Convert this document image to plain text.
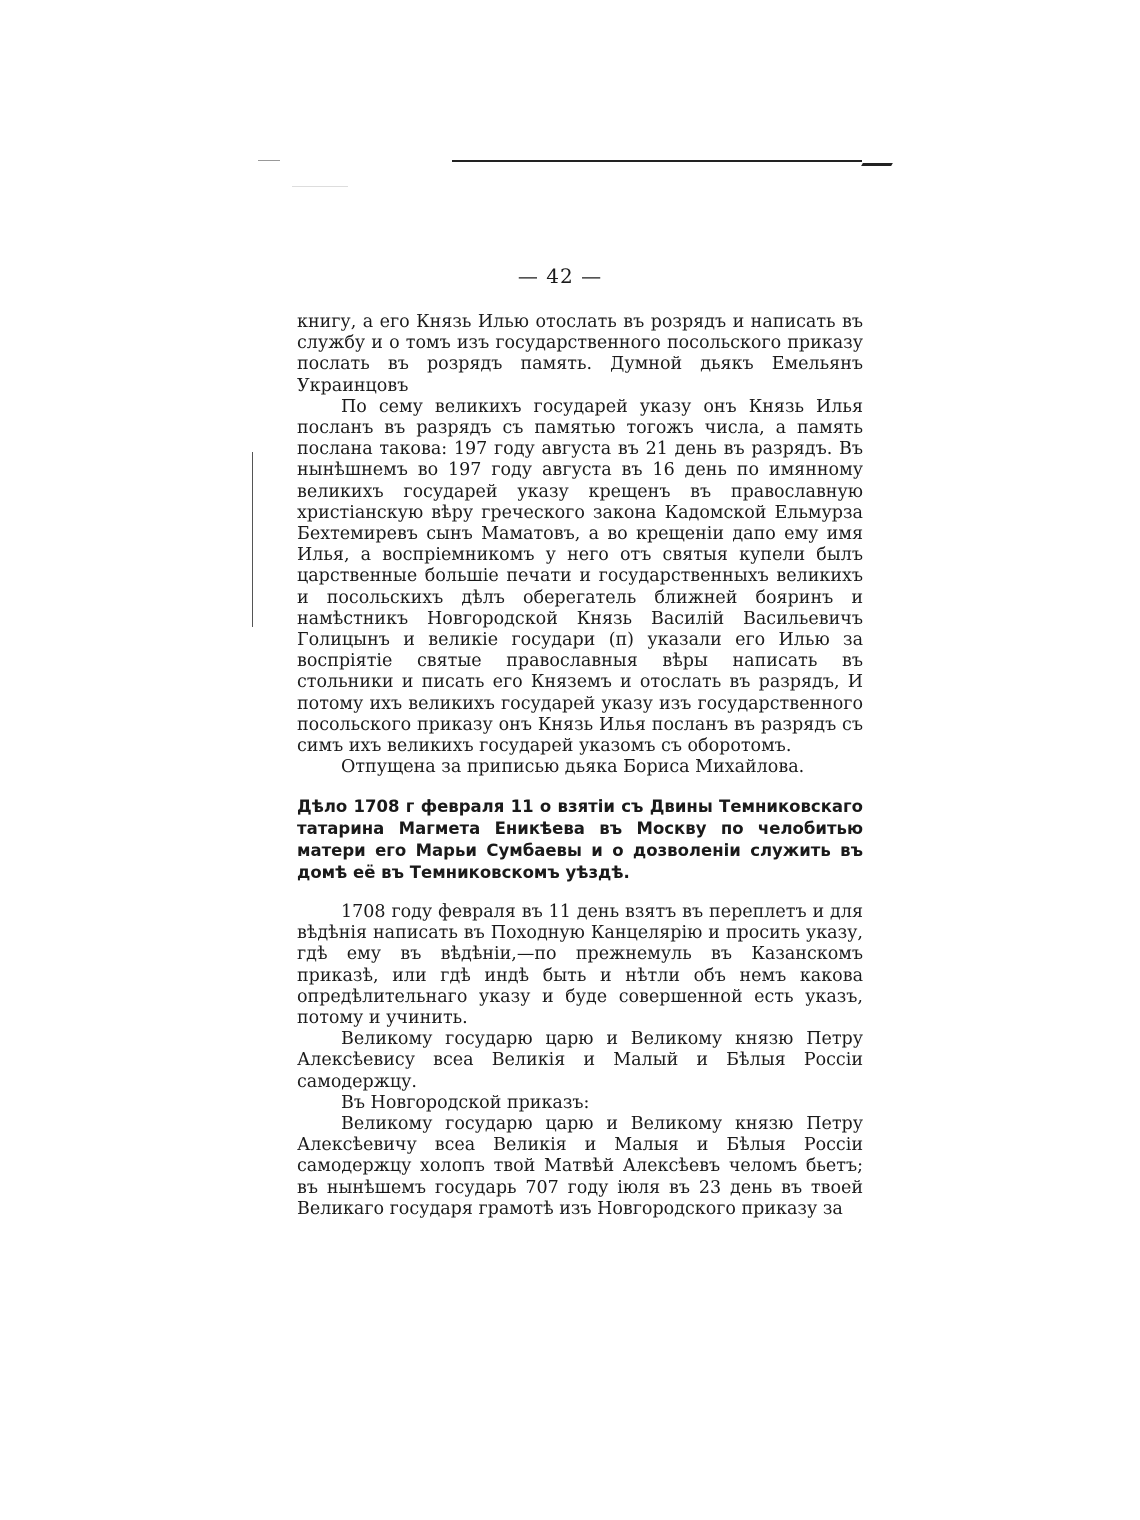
— 42 —

книгу, а его Князь Илью отослать въ розрядъ и написать въ службу и о томъ изъ государственного посольского приказу послать въ розрядъ память. Думной дьякъ Емельянъ Украинцовъ

По сему великихъ государей указу онъ Князь Илья посланъ въ разрядъ съ памятью тогожъ числа, а память послана такова: 197 году августа въ 21 день въ разрядъ. Въ нынѣшнемъ во 197 году августа въ 16 день по имянному великихъ государей указу крещенъ въ православную христіанскую вѣру греческого закона Кадомской Ельмурза Бехтемиревъ сынъ Маматовъ, а во крещеніи дапо ему имя Илья, а воспріемникомъ у него отъ святыя купели былъ царственные большіе печати и государственныхъ великихъ и посольскихъ дѣлъ оберегатель ближней бояринъ и намѣстникъ Новгородской Князь Василій Васильевичъ Голицынъ и великіе государи (п) указали его Илью за воспріятіе святые православныя вѣры написать въ стольники и писать его Княземъ и отослать въ разрядъ, И потому ихъ великихъ государей указу изъ государственного посольского приказу онъ Князь Илья посланъ въ разрядъ съ симъ ихъ великихъ государей указомъ съ оборотомъ.

Отпущена за приписью дьяка Бориса Михайлова.

Дѣло 1708 г февраля 11 о взятіи съ Двины Темниковскаго татарина Магмета Еникѣева въ Москву по челобитью матери его Марьи Сумбаевы и о дозволеніи служить въ домѣ её въ Темниковскомъ уѣздѣ.

1708 году февраля въ 11 день взятъ въ переплетъ и для вѣдѣнія написать въ Походную Канцелярію и просить указу, гдѣ ему въ вѣдѣніи,—по прежнемуль въ Казанскомъ приказѣ, или гдѣ индѣ быть и нѣтли объ немъ какова опредѣлительнаго указу и буде совершенной есть указъ, потому и учинить.

Великому государю царю и Великому князю Петру Алексѣевису всеа Великія и Малый и Бѣлыя Россіи самодержцу.

Въ Новгородской приказъ:

Великому государю царю и Великому князю Петру Алексѣевичу всеа Великія и Малыя и Бѣлыя Россіи самодержцу холопъ твой Матвѣй Алексѣевъ челомъ бьетъ; въ нынѣшемъ государь 707 году іюля въ 23 день въ твоей Великаго государя грамотѣ изъ Новгородского приказу за
